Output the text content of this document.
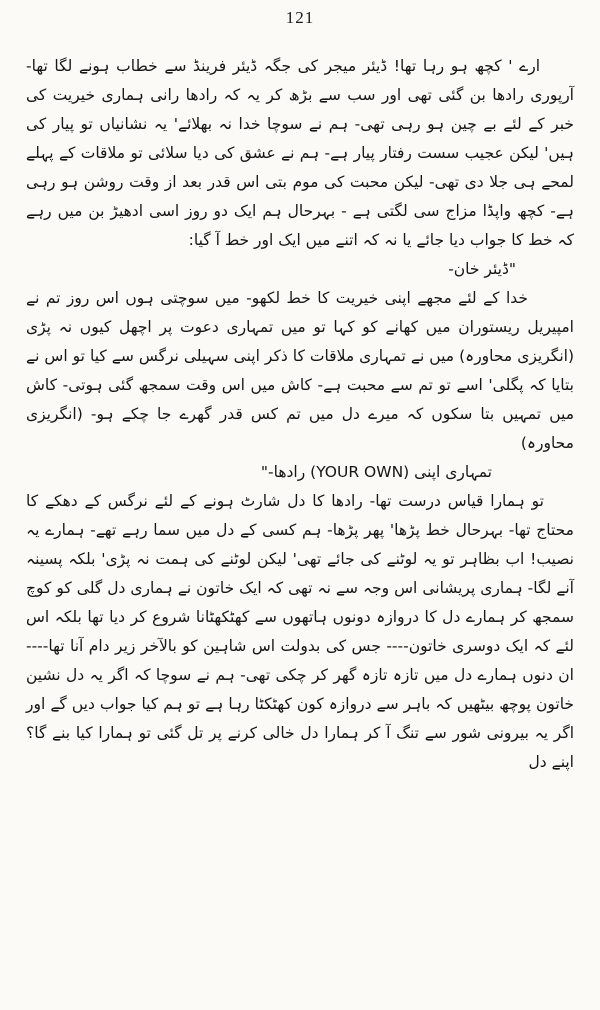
121

ارے ' کچھ ہو رہا تھا! ڈیئر میجر کی جگہ ڈیئر فرینڈ سے خطاب ہونے لگا تھا- آرپوری رادھا بن گئی تھی اور سب سے بڑھ کر یہ کہ رادھا رانی ہماری خیریت کی خبر کے لئے بے چین ہو رہی تھی- ہم نے سوچا خدا نہ بھلائے' یہ نشانیاں تو پیار کی ہیں' لیکن عجیب سست رفتار پیار ہے- ہم نے عشق کی دیا سلائی تو ملاقات کے پہلے لمحے ہی جلا دی تھی- لیکن محبت کی موم بتی اس قدر بعد از وقت روشن ہو رہی ہے- کچھ واپڈا مزاج سی لگتی ہے - بہرحال ہم ایک دو روز اسی ادھیڑ بن میں رہے کہ خط کا جواب دیا جائے یا نہ کہ اتنے میں ایک اور خط آ گیا:

"ڈیئر خان-

خدا کے لئے مجھے اپنی خیریت کا خط لکھو- میں سوچتی ہوں اس روز تم نے امپیریل ریستوران میں کھانے کو کہا تو میں تمہاری دعوت پر اچھل کیوں نہ پڑی (انگریزی محاورہ) میں نے تمہاری ملاقات کا ذکر اپنی سہیلی نرگس سے کیا تو اس نے بتایا کہ پگلی' اسے تو تم سے محبت ہے- کاش میں اس وقت سمجھ گئی ہوتی- کاش میں تمہیں بتا سکوں کہ میرے دل میں تم کس قدر گھرے جا چکے ہو- (انگریزی محاورہ)

تمہاری اپنی (YOUR OWN) رادھا-"

تو ہمارا قیاس درست تھا- رادھا کا دل شارٹ ہونے کے لئے نرگس کے دھکے کا محتاج تھا- بہرحال خط پڑھا' پھر پڑھا- ہم کسی کے دل میں سما رہے تھے- ہمارے یہ نصیب! اب بظاہر تو یہ لوٹنے کی جائے تھی' لیکن لوٹنے کی ہمت نہ پڑی' بلکہ پسینہ آنے لگا- ہماری پریشانی اس وجہ سے نہ تھی کہ ایک خاتون نے ہماری دل گلی کو کوچ سمجھ کر ہمارے دل کا دروازہ دونوں ہاتھوں سے کھٹکھٹانا شروع کر دیا تھا بلکہ اس لئے کہ ایک دوسری خاتون---- جس کی بدولت اس شاہین کو بالآخر زیر دام آنا تھا---- ان دنوں ہمارے دل میں تازہ تازہ گھر کر چکی تھی- ہم نے سوچا کہ اگر یہ دل نشین خاتون پوچھ بیٹھیں کہ باہر سے دروازہ کون کھٹکٹا رہا ہے تو ہم کیا جواب دیں گے اور اگر یہ بیرونی شور سے تنگ آ کر ہمارا دل خالی کرنے پر تل گئی تو ہمارا کیا بنے گا؟ اپنے دل
